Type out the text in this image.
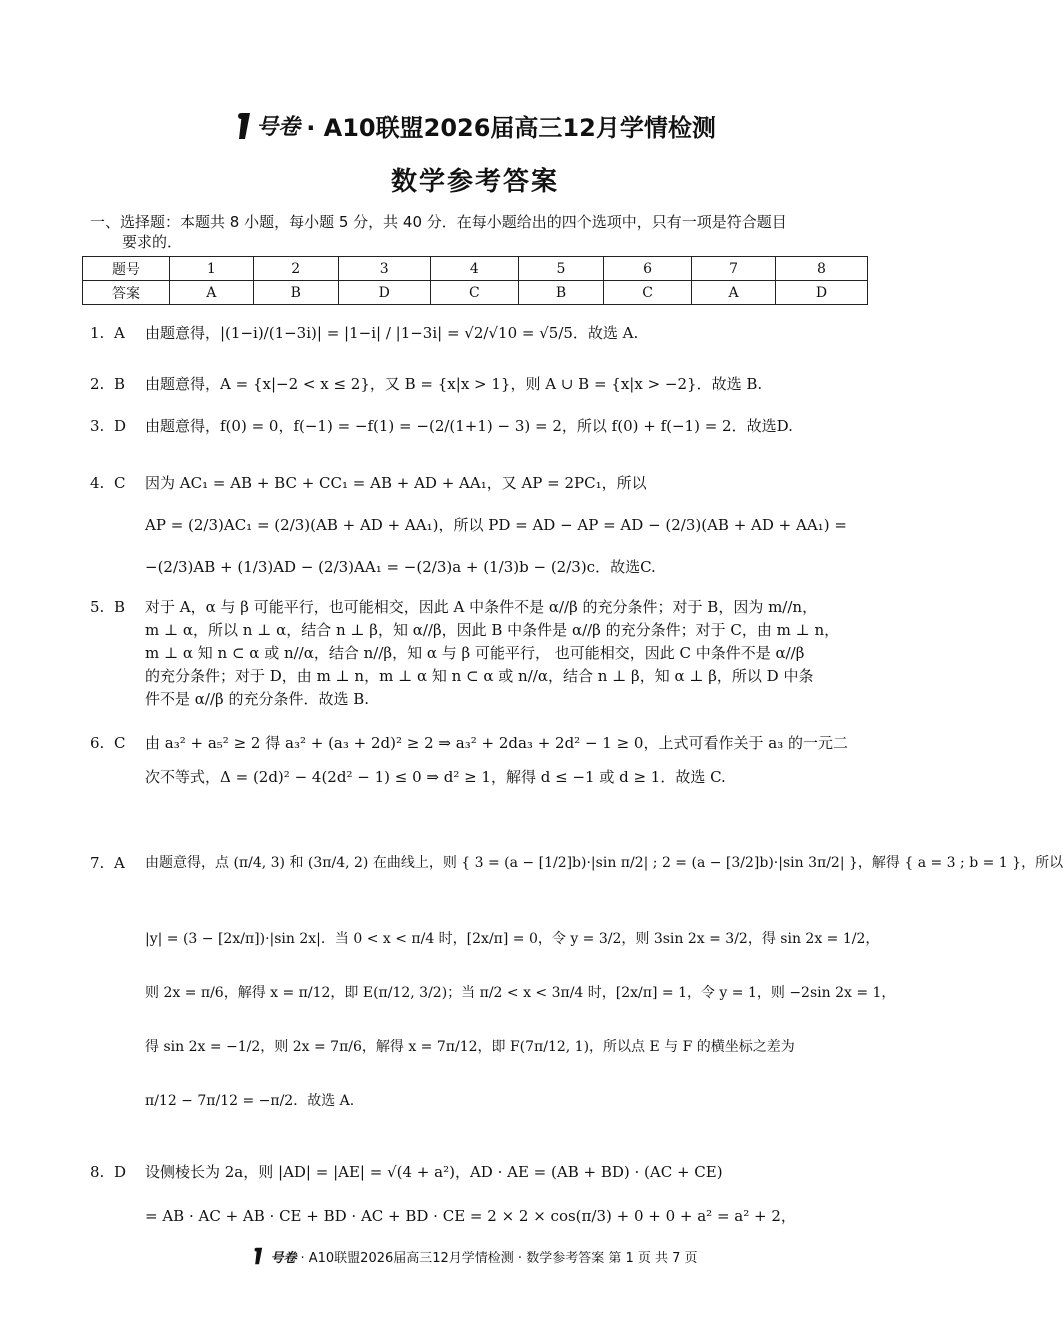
号卷 · A10联盟2026届高三12月学情检测
数学参考答案
一、选择题：本题共 8 小题，每小题 5 分，共 40 分．在每小题给出的四个选项中，只有一项是符合题目
要求的．
题号	1	2	3	4	5	6	7	8
答案	A	B	D	C	B	C	A	D
1. A	由题意得，|(1−i)/(1−3i)| = |1−i| / |1−3i| = √2/√10 = √5/5．故选 A.
2. B	由题意得，A = {x|−2 < x ≤ 2}，又 B = {x|x > 1}，则 A ∪ B = {x|x > −2}．故选 B.
3. D	由题意得，f(0) = 0，f(−1) = −f(1) = −(2/(1+1) − 3) = 2，所以 f(0) + f(−1) = 2．故选D.
4. C	因为 AC₁ = AB + BC + CC₁ = AB + AD + AA₁，又 AP = 2PC₁，所以
AP = (2/3)AC₁ = (2/3)(AB + AD + AA₁)，所以 PD = AD − AP = AD − (2/3)(AB + AD + AA₁) =
−(2/3)AB + (1/3)AD − (2/3)AA₁ = −(2/3)a + (1/3)b − (2/3)c．故选C.
5. B	对于 A，α 与 β 可能平行，也可能相交，因此 A 中条件不是 α//β 的充分条件；对于 B，因为 m//n，
m ⊥ α，所以 n ⊥ α，结合 n ⊥ β，知 α//β，因此 B 中条件是 α//β 的充分条件；对于 C，由 m ⊥ n，
m ⊥ α 知 n ⊂ α 或 n//α，结合 n//β，知 α 与 β 可能平行， 也可能相交，因此 C 中条件不是 α//β
的充分条件；对于 D，由 m ⊥ n，m ⊥ α 知 n ⊂ α 或 n//α，结合 n ⊥ β，知 α ⊥ β，所以 D 中条
件不是 α//β 的充分条件．故选 B.
6. C	由 a₃² + a₅² ≥ 2 得 a₃² + (a₃ + 2d)² ≥ 2 ⇒ a₃² + 2da₃ + 2d² − 1 ≥ 0，上式可看作关于 a₃ 的一元二
次不等式，Δ = (2d)² − 4(2d² − 1) ≤ 0 ⇒ d² ≥ 1，解得 d ≤ −1 或 d ≥ 1．故选 C.
7. A	由题意得，点 (π/4, 3) 和 (3π/4, 2) 在曲线上，则 { 3 = (a − [1/2]b)·|sin π/2| ; 2 = (a − [3/2]b)·|sin 3π/2| }，解得 { a = 3 ; b = 1 }，所以
|y| = (3 − [2x/π])·|sin 2x|．当 0 < x < π/4 时，[2x/π] = 0，令 y = 3/2，则 3sin 2x = 3/2，得 sin 2x = 1/2，
则 2x = π/6，解得 x = π/12，即 E(π/12, 3/2)；当 π/2 < x < 3π/4 时，[2x/π] = 1，令 y = 1，则 −2sin 2x = 1，
得 sin 2x = −1/2，则 2x = 7π/6，解得 x = 7π/12，即 F(7π/12, 1)，所以点 E 与 F 的横坐标之差为
π/12 − 7π/12 = −π/2．故选 A.
8. D	设侧棱长为 2a，则 |AD| = |AE| = √(4 + a²)，AD · AE = (AB + BD) · (AC + CE)
= AB · AC + AB · CE + BD · AC + BD · CE = 2 × 2 × cos(π/3) + 0 + 0 + a² = a² + 2，
号卷 · A10联盟2026届高三12月学情检测 · 数学参考答案 第 1 页 共 7 页
